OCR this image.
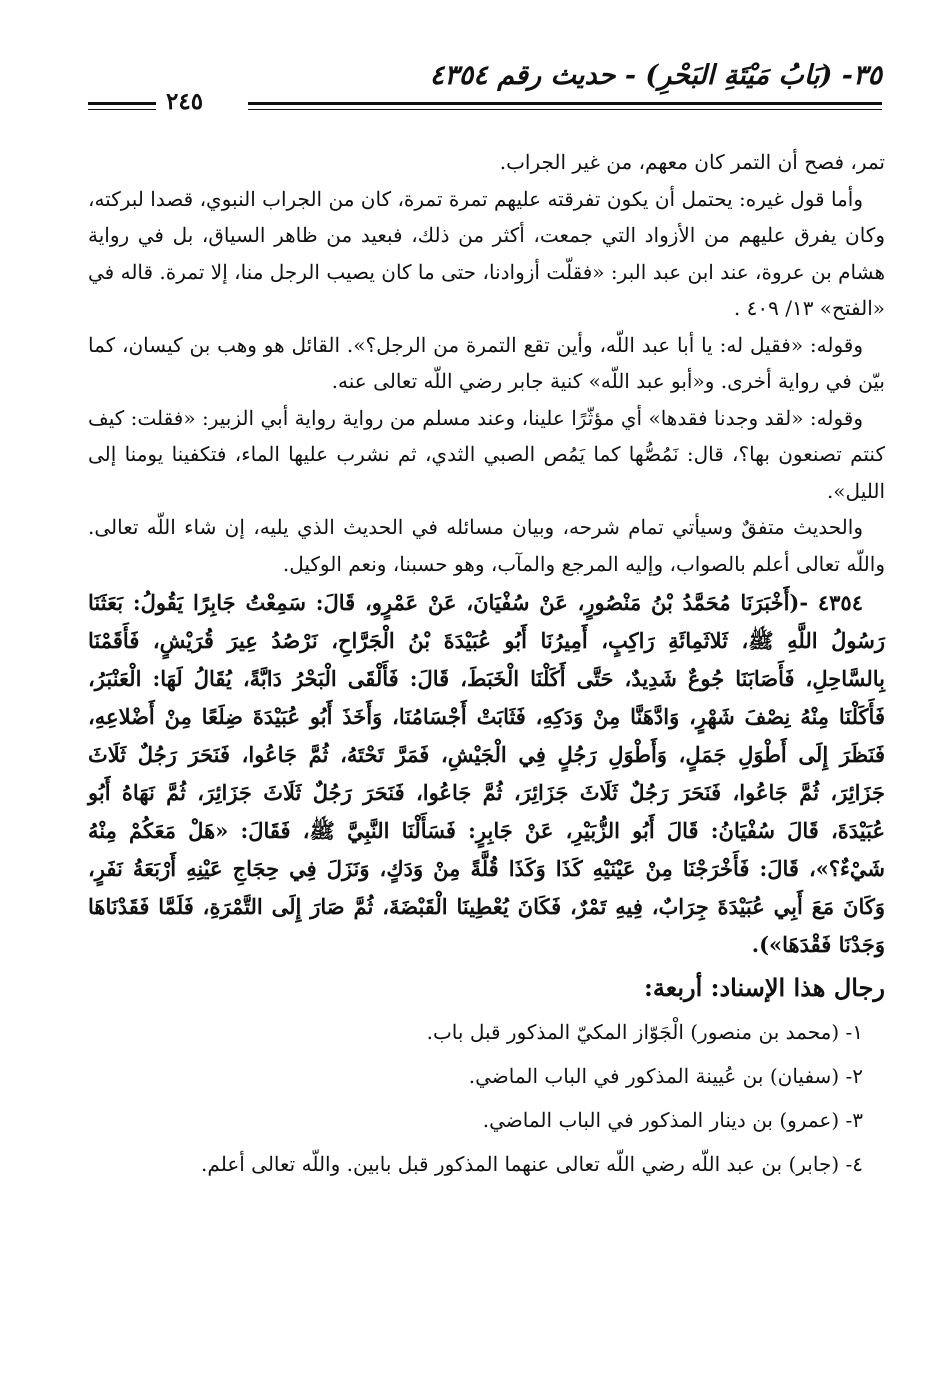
٣٥- (بَابُ مَيْتَةِ البَحْرِ) - حديث رقم ٤٣٥٤
٢٤٥

تمر، فصح أن التمر كان معهم، من غير الجراب.

وأما قول غيره: يحتمل أن يكون تفرقته عليهم تمرة تمرة، كان من الجراب النبوي، قصدا لبركته، وكان يفرق عليهم من الأزواد التي جمعت، أكثر من ذلك، فبعيد من ظاهر السياق، بل في رواية هشام بن عروة، عند ابن عبد البر: «فقلّت أزوادنا، حتى ما كان يصيب الرجل منا، إلا تمرة. قاله في «الفتح» ١٣/ ٤٠٩ .

وقوله: «فقيل له: يا أبا عبد اللّه، وأين تقع التمرة من الرجل؟». القائل هو وهب بن كيسان، كما بيّن في رواية أخرى. و«أبو عبد اللّه» كنية جابر رضي اللّه تعالى عنه.

وقوله: «لقد وجدنا فقدها» أي مؤثّرًا علينا، وعند مسلم من رواية رواية أبي الزبير: «فقلت: كيف كنتم تصنعون بها؟، قال: نَمُصُّها كما يَمُص الصبي الثدي، ثم نشرب عليها الماء، فتكفينا يومنا إلى الليل».

والحديث متفقٌ وسيأتي تمام شرحه، وبيان مسائله في الحديث الذي يليه، إن شاء اللّه تعالى. واللّه تعالى أعلم بالصواب، وإليه المرجع والمآب، وهو حسبنا، ونعم الوكيل.

٤٣٥٤ -(أَخْبَرَنَا مُحَمَّدُ بْنُ مَنْصُورٍ، عَنْ سُفْيَانَ، عَنْ عَمْرٍو، قَالَ: سَمِعْتُ جَابِرًا يَقُولُ: بَعَثَنَا رَسُولُ اللَّهِ ﷺ، ثَلاثَمِائَةِ رَاكِبٍ، أَمِيرُنَا أَبُو عُبَيْدَةَ بْنُ الْجَرَّاحِ، نَرْصُدُ عِيرَ قُرَيْشٍ، فَأَقَمْنَا بِالسَّاحِلِ، فَأَصَابَنَا جُوعٌ شَدِيدٌ، حَتَّى أَكَلْنَا الْخَبَطَ، قَالَ: فَأَلْقَى الْبَحْرُ دَابَّةً، يُقَالُ لَهَا: الْعَنْبَرُ، فَأَكَلْنَا مِنْهُ نِصْفَ شَهْرٍ، وَادَّهَنَّا مِنْ وَدَكِهِ، فَثَابَتْ أَجْسَامُنَا، وَأَخَذَ أَبُو عُبَيْدَةَ ضِلَعًا مِنْ أَضْلاعِهِ، فَنَظَرَ إِلَى أَطْوَلِ جَمَلٍ، وَأَطْوَلِ رَجُلٍ فِي الْجَيْشِ، فَمَرَّ تَحْتَهُ، ثُمَّ جَاعُوا، فَنَحَرَ رَجُلٌ ثَلَاثَ جَزَائِرَ، ثُمَّ جَاعُوا، فَنَحَرَ رَجُلٌ ثَلَاثَ جَزَائِرَ، ثُمَّ جَاعُوا، فَنَحَرَ رَجُلٌ ثَلَاثَ جَزَائِرَ، ثُمَّ نَهَاهُ أَبُو عُبَيْدَةَ، قَالَ سُفْيَانُ: قَالَ أَبُو الزُّبَيْرِ، عَنْ جَابِرٍ: فَسَأَلْنَا النَّبِيَّ ﷺ، فَقَالَ: «هَلْ مَعَكُمْ مِنْهُ شَيْءٌ؟»، قَالَ: فَأَخْرَجْنَا مِنْ عَيْنَيْهِ كَذَا وَكَذَا قُلَّةً مِنْ وَدَكٍ، وَنَزَلَ فِي حِجَاجِ عَيْنِهِ أَرْبَعَةُ نَفَرٍ، وَكَانَ مَعَ أَبِي عُبَيْدَةَ جِرَابٌ، فِيهِ تَمْرٌ، فَكَانَ يُعْطِينَا الْقَبْضَةَ، ثُمَّ صَارَ إِلَى التَّمْرَةِ، فَلَمَّا فَقَدْنَاهَا وَجَدْنَا فَقْدَهَا»).

رجال هذا الإسناد: أربعة:

١- (محمد بن منصور) الْجَوّاز المكيّ المذكور قبل باب.

٢- (سفيان) بن عُيينة المذكور في الباب الماضي.

٣- (عمرو) بن دينار المذكور في الباب الماضي.

٤- (جابر) بن عبد اللّه رضي اللّه تعالى عنهما المذكور قبل بابين. واللّه تعالى أعلم.
